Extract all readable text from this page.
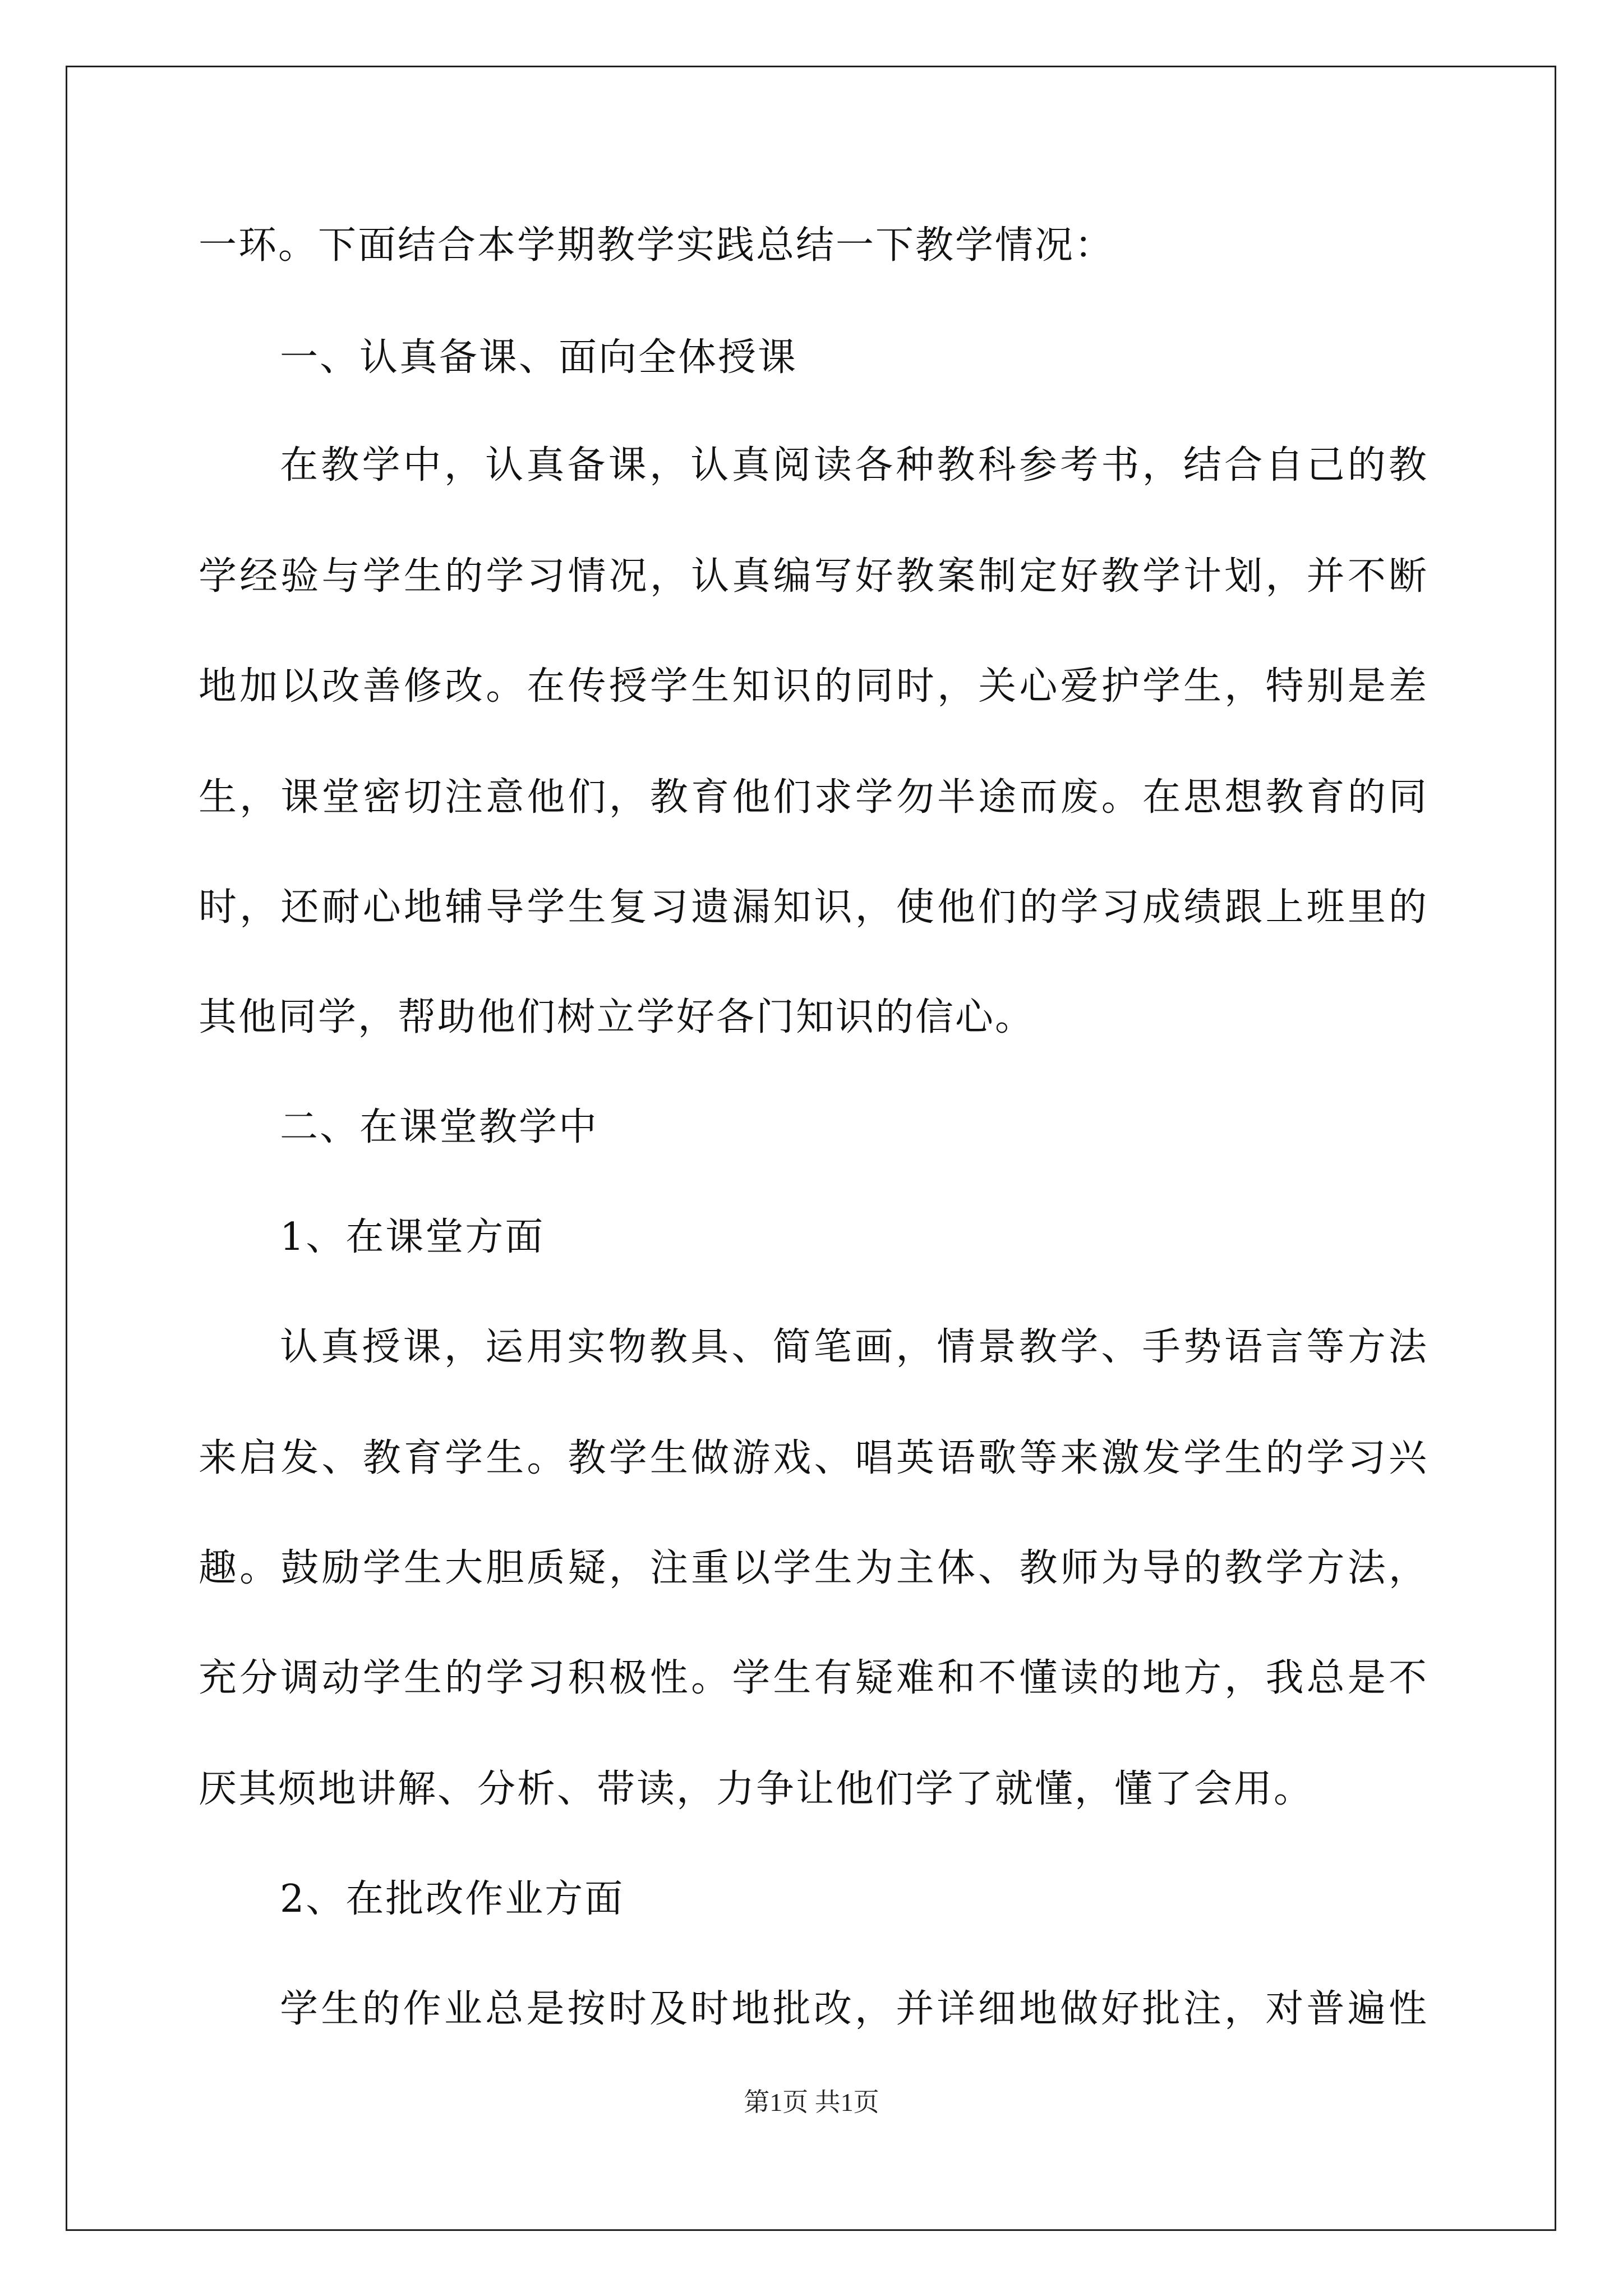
一环。下面结合本学期教学实践总结一下教学情况：
一、认真备课、面向全体授课
在教学中，认真备课，认真阅读各种教科参考书，结合自己的教
学经验与学生的学习情况，认真编写好教案制定好教学计划，并不断
地加以改善修改。在传授学生知识的同时，关心爱护学生，特别是差
生，课堂密切注意他们，教育他们求学勿半途而废。在思想教育的同
时，还耐心地辅导学生复习遗漏知识，使他们的学习成绩跟上班里的
其他同学，帮助他们树立学好各门知识的信心。
二、在课堂教学中
1、在课堂方面
认真授课，运用实物教具、简笔画，情景教学、手势语言等方法
来启发、教育学生。教学生做游戏、唱英语歌等来激发学生的学习兴
趣。鼓励学生大胆质疑，注重以学生为主体、教师为导的教学方法，
充分调动学生的学习积极性。学生有疑难和不懂读的地方，我总是不
厌其烦地讲解、分析、带读，力争让他们学了就懂，懂了会用。
2、在批改作业方面
学生的作业总是按时及时地批改，并详细地做好批注，对普遍性
第1页 共1页
